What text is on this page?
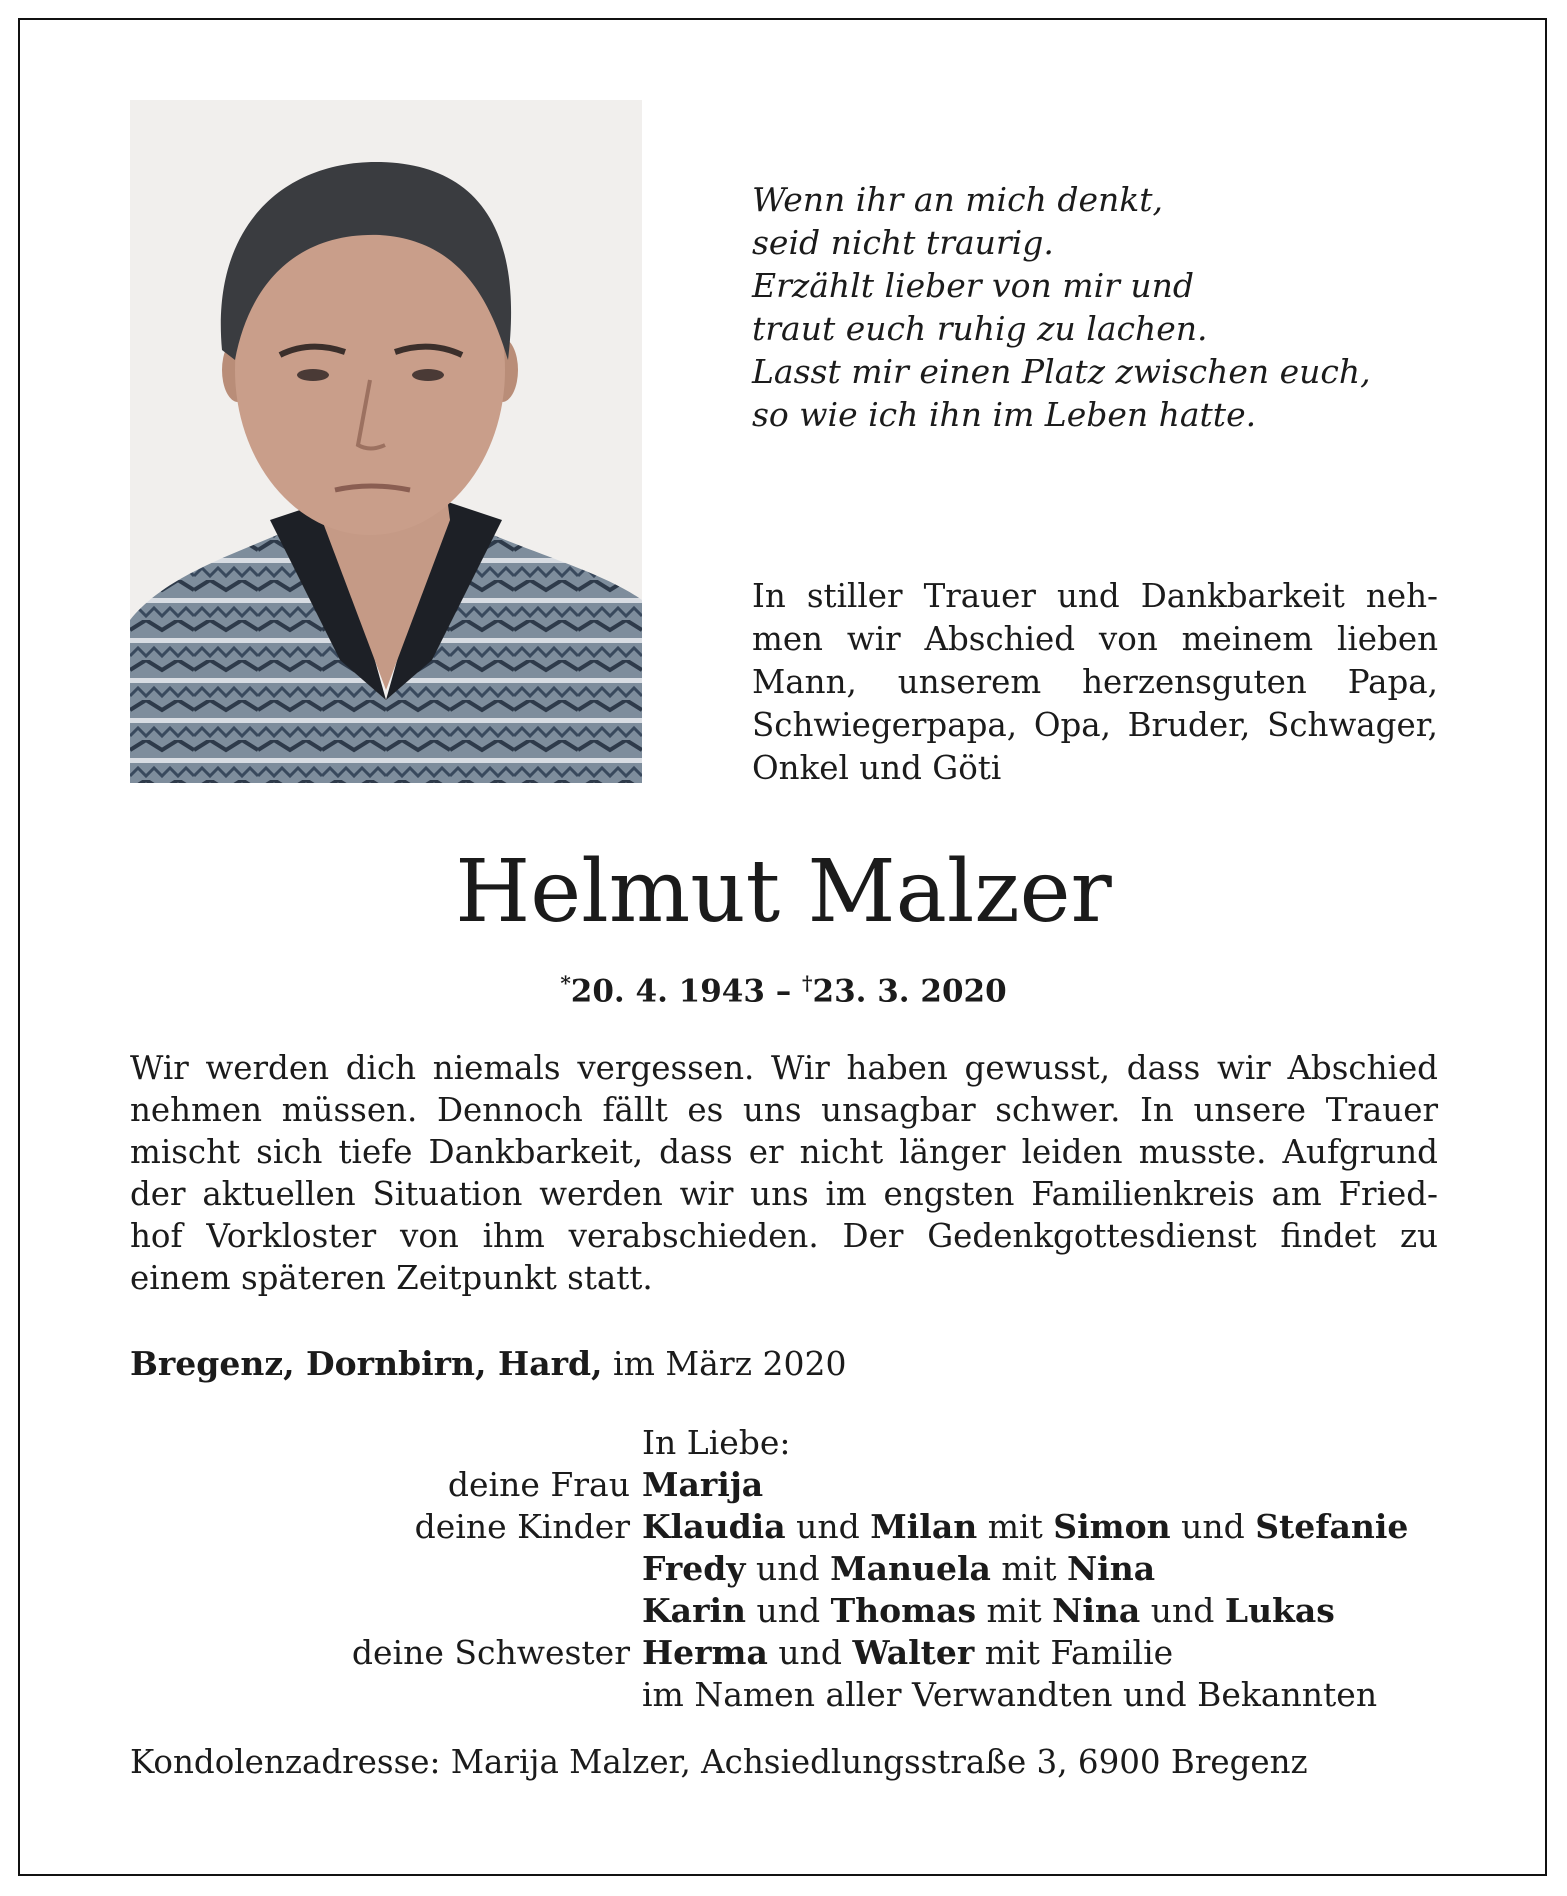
Wenn ihr an mich denkt,
seid nicht traurig.
Erzählt lieber von mir und
traut euch ruhig zu lachen.
Lasst mir einen Platz zwischen euch,
so wie ich ihn im Leben hatte.
In stiller Trauer und Dankbarkeit neh-
men wir Abschied von meinem lieben
Mann, unserem herzensguten Papa,
Schwiegerpapa, Opa, Bruder, Schwager,
Onkel und Göti
Helmut Malzer
*20. 4. 1943 – †23. 3. 2020
Wir werden dich niemals vergessen. Wir haben gewusst, dass wir Abschied
nehmen müssen. Dennoch fällt es uns unsagbar schwer. In unsere Trauer
mischt sich tiefe Dankbarkeit, dass er nicht länger leiden musste. Aufgrund
der aktuellen Situation werden wir uns im engsten Familienkreis am Fried-
hof Vorkloster von ihm verabschieden. Der Gedenkgottesdienst findet zu
einem späteren Zeitpunkt statt.
Bregenz, Dornbirn, Hard, im März 2020
In Liebe:
deine Frau Marija
deine Kinder Klaudia und Milan mit Simon und Stefanie
Fredy und Manuela mit Nina
Karin und Thomas mit Nina und Lukas
deine Schwester Herma und Walter mit Familie
im Namen aller Verwandten und Bekannten
Kondolenzadresse: Marija Malzer, Achsiedlungsstraße 3, 6900 Bregenz
